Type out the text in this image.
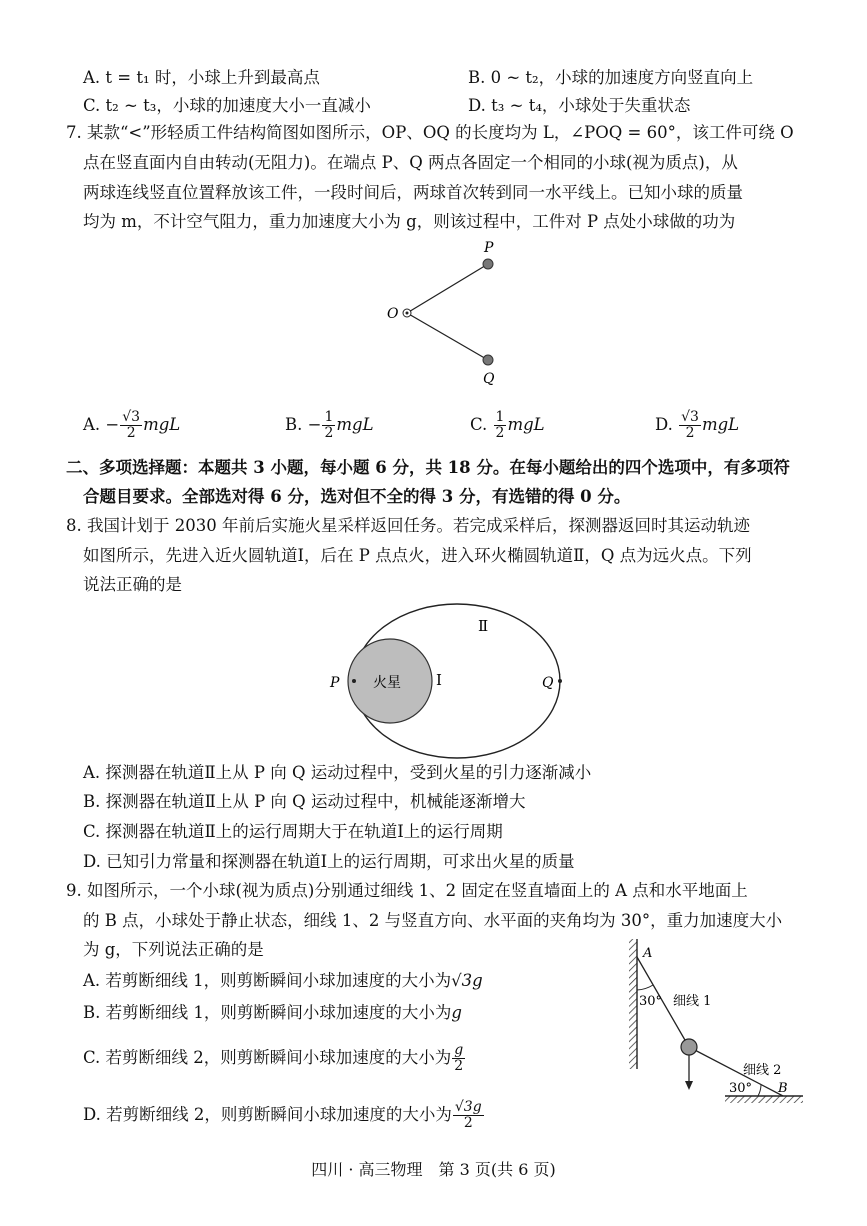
A. t = t₁ 时，小球上升到最高点	B. 0 ~ t₂，小球的加速度方向竖直向上
C. t₂ ~ t₃，小球的加速度大小一直减小	D. t₃ ~ t₄，小球处于失重状态
7. 某款“<”形轻质工件结构简图如图所示，OP、OQ 的长度均为 L，∠POQ = 60°，该工件可绕 O
点在竖直面内自由转动(无阻力)。在端点 P、Q 两点各固定一个相同的小球(视为质点)，从
两球连线竖直位置释放该工件，一段时间后，两球首次转到同一水平线上。已知小球的质量
均为 m，不计空气阻力，重力加速度大小为 g，则该过程中，工件对 P 点处小球做的功为
P
O
Q
A. − $\frac{√3}{2}$ mgL	B. − $\frac{1}{2}$ mgL	C. $\frac{1}{2}$ mgL	D. $\frac{√3}{2}$ mgL
二、多项选择题：本题共 3 小题，每小题 6 分，共 18 分。在每小题给出的四个选项中，有多项符
合题目要求。全部选对得 6 分，选对但不全的得 3 分，有选错的得 0 分。
8. 我国计划于 2030 年前后实施火星采样返回任务。若完成采样后，探测器返回时其运动轨迹
如图所示，先进入近火圆轨道Ⅰ，后在 P 点点火，进入环火椭圆轨道Ⅱ，Q 点为远火点。下列
说法正确的是
Ⅱ
Ⅰ
火星
P	Q
A. 探测器在轨道Ⅱ上从 P 向 Q 运动过程中，受到火星的引力逐渐减小
B. 探测器在轨道Ⅱ上从 P 向 Q 运动过程中，机械能逐渐增大
C. 探测器在轨道Ⅱ上的运行周期大于在轨道Ⅰ上的运行周期
D. 已知引力常量和探测器在轨道Ⅰ上的运行周期，可求出火星的质量
9. 如图所示，一个小球(视为质点)分别通过细线 1、2 固定在竖直墙面上的 A 点和水平地面上
的 B 点，小球处于静止状态，细线 1、2 与竖直方向、水平面的夹角均为 30°，重力加速度大小
为 g，下列说法正确的是
A. 若剪断细线 1，则剪断瞬间小球加速度的大小为√3g
B. 若剪断细线 1，则剪断瞬间小球加速度的大小为g
C. 若剪断细线 2，则剪断瞬间小球加速度的大小为 $\frac{g}{2}$
D. 若剪断细线 2，则剪断瞬间小球加速度的大小为 $\frac{√3g}{2}$
A
B
30°
30°
细线 1
细线 2
四川 · 高三物理　第 3 页(共 6 页)
